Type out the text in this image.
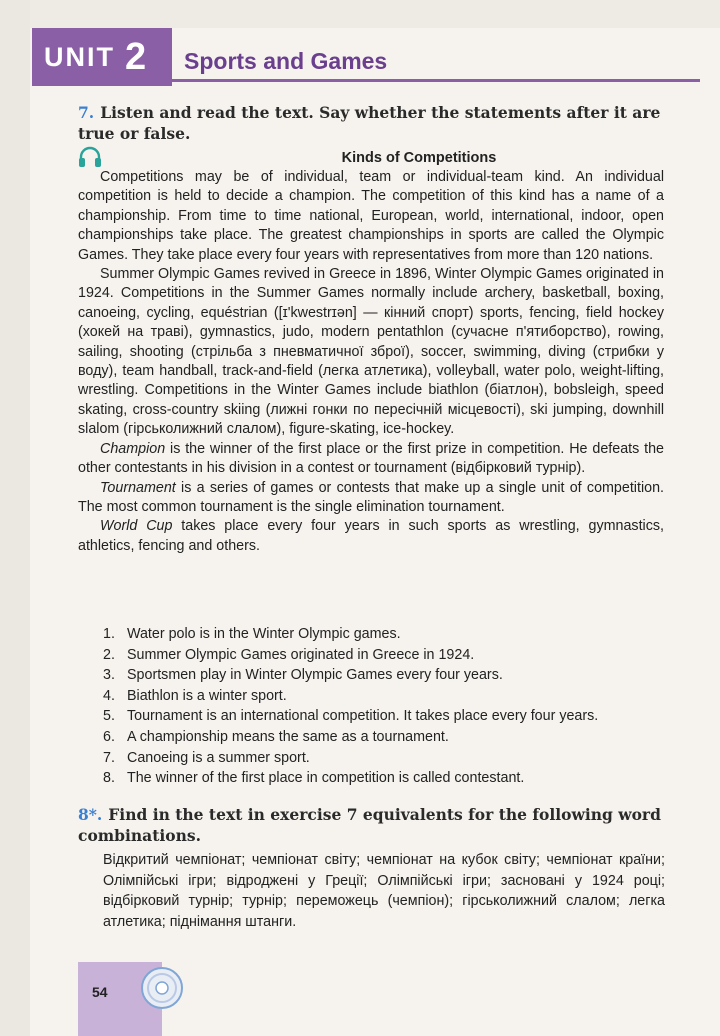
UNIT 2 Sports and Games
7. Listen and read the text. Say whether the statements after it are true or false.
Kinds of Competitions

Competitions may be of individual, team or individual-team kind. An individual competition is held to decide a champion. The competition of this kind has a name of a championship. From time to time national, European, world, international, indoor, open championships take place. The greatest championships in sports are called the Olympic Games. They take place every four years with representatives from more than 120 nations.

Summer Olympic Games revived in Greece in 1896, Winter Olympic Games originated in 1924. Competitions in the Summer Games normally include archery, basketball, boxing, canoeing, cycling, equéstrian ([ɪ'kwestrɪən] — кінний спорт) sports, fencing, field hockey (хокей на траві), gymnastics, judo, modern pentathlon (сучасне п'ятиборство), rowing, sailing, shooting (стрільба з пневматичної зброї), soccer, swimming, diving (стрибки у воду), team handball, track-and-field (легка атлетика), volleyball, water polo, weight-lifting, wrestling. Competitions in the Winter Games include biathlon (біатлон), bobsleigh, speed skating, cross-country skiing (лижні гонки по пересічній місцевості), ski jumping, downhill slalom (гірськолижний слалом), figure-skating, ice-hockey.

Champion is the winner of the first place or the first prize in competition. He defeats the other contestants in his division in a contest or tournament (відбірковий турнір).

Tournament is a series of games or contests that make up a single unit of competition. The most common tournament is the single elimination tournament.

World Cup takes place every four years in such sports as wrestling, gymnastics, athletics, fencing and others.

1. Water polo is in the Winter Olympic games.
2. Summer Olympic Games originated in Greece in 1924.
3. Sportsmen play in Winter Olympic Games every four years.
4. Biathlon is a winter sport.
5. Tournament is an international competition. It takes place every four years.
6. A championship means the same as a tournament.
7. Canoeing is a summer sport.
8. The winner of the first place in competition is called contestant.
8*. Find in the text in exercise 7 equivalents for the following word combinations.
Відкритий чемпіонат; чемпіонат світу; чемпіонат на кубок світу; чемпіонат країни; Олімпійські ігри; відроджені у Греції; Олімпійські ігри; засновані у 1924 році; відбірковий турнір; турнір; переможець (чемпіон); гірськолижний слалом; легка атлетика; піднімання штанги.
54
